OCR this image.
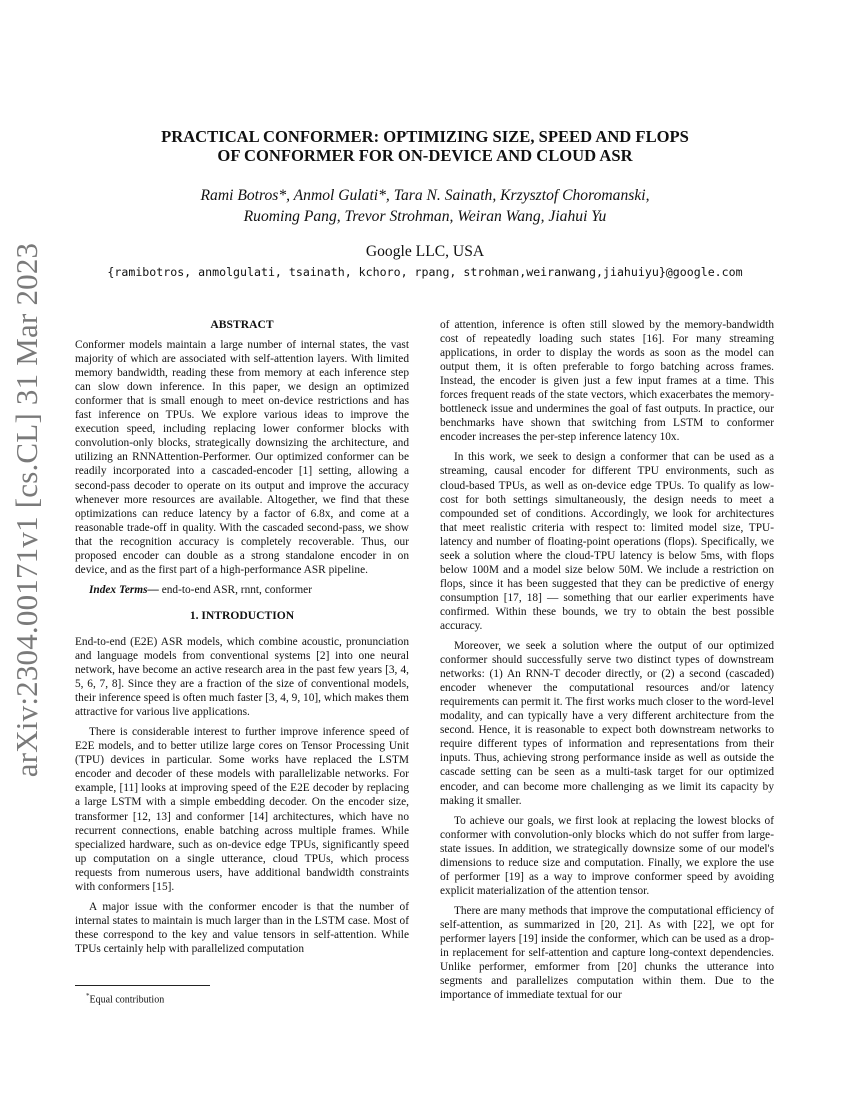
arXiv:2304.00171v1 [cs.CL] 31 Mar 2023
PRACTICAL CONFORMER: OPTIMIZING SIZE, SPEED AND FLOPS
OF CONFORMER FOR ON-DEVICE AND CLOUD ASR
Rami Botros*, Anmol Gulati*, Tara N. Sainath, Krzysztof Choromanski,
Ruoming Pang, Trevor Strohman, Weiran Wang, Jiahui Yu
Google LLC, USA
{ramibotros, anmolgulati, tsainath, kchoro, rpang, strohman,weiranwang,jiahuiyu}@google.com
ABSTRACT

Conformer models maintain a large number of internal states, the vast majority of which are associated with self-attention layers. With limited memory bandwidth, reading these from memory at each inference step can slow down inference. In this paper, we design an optimized conformer that is small enough to meet on-device restrictions and has fast inference on TPUs. We explore various ideas to improve the execution speed, including replacing lower conformer blocks with convolution-only blocks, strategically downsizing the architecture, and utilizing an RNNAttention-Performer. Our optimized conformer can be readily incorporated into a cascaded-encoder [1] setting, allowing a second-pass decoder to operate on its output and improve the accuracy whenever more resources are available. Altogether, we find that these optimizations can reduce latency by a factor of 6.8x, and come at a reasonable trade-off in quality. With the cascaded second-pass, we show that the recognition accuracy is completely recoverable. Thus, our proposed encoder can double as a strong standalone encoder in on device, and as the first part of a high-performance ASR pipeline.

Index Terms— end-to-end ASR, rnnt, conformer

1. INTRODUCTION

End-to-end (E2E) ASR models, which combine acoustic, pronunciation and language models from conventional systems [2] into one neural network, have become an active research area in the past few years [3, 4, 5, 6, 7, 8]. Since they are a fraction of the size of conventional models, their inference speed is often much faster [3, 4, 9, 10], which makes them attractive for various live applications.

There is considerable interest to further improve inference speed of E2E models, and to better utilize large cores on Tensor Processing Unit (TPU) devices in particular. Some works have replaced the LSTM encoder and decoder of these models with parallelizable networks. For example, [11] looks at improving speed of the E2E decoder by replacing a large LSTM with a simple embedding decoder. On the encoder size, transformer [12, 13] and conformer [14] architectures, which have no recurrent connections, enable batching across multiple frames. While specialized hardware, such as on-device edge TPUs, significantly speed up computation on a single utterance, cloud TPUs, which process requests from numerous users, have additional bandwidth constraints with conformers [15].

A major issue with the conformer encoder is that the number of internal states to maintain is much larger than in the LSTM case. Most of these correspond to the key and value tensors in self-attention. While TPUs certainly help with parallelized computation

of attention, inference is often still slowed by the memory-bandwidth cost of repeatedly loading such states [16]. For many streaming applications, in order to display the words as soon as the model can output them, it is often preferable to forgo batching across frames. Instead, the encoder is given just a few input frames at a time. This forces frequent reads of the state vectors, which exacerbates the memory-bottleneck issue and undermines the goal of fast outputs. In practice, our benchmarks have shown that switching from LSTM to conformer encoder increases the per-step inference latency 10x.

In this work, we seek to design a conformer that can be used as a streaming, causal encoder for different TPU environments, such as cloud-based TPUs, as well as on-device edge TPUs. To qualify as low-cost for both settings simultaneously, the design needs to meet a compounded set of conditions. Accordingly, we look for architectures that meet realistic criteria with respect to: limited model size, TPU-latency and number of floating-point operations (flops). Specifically, we seek a solution where the cloud-TPU latency is below 5ms, with flops below 100M and a model size below 50M. We include a restriction on flops, since it has been suggested that they can be predictive of energy consumption [17, 18] — something that our earlier experiments have confirmed. Within these bounds, we try to obtain the best possible accuracy.

Moreover, we seek a solution where the output of our optimized conformer should successfully serve two distinct types of downstream networks: (1) An RNN-T decoder directly, or (2) a second (cascaded) encoder whenever the computational resources and/or latency requirements can permit it. The first works much closer to the word-level modality, and can typically have a very different architecture from the second. Hence, it is reasonable to expect both downstream networks to require different types of information and representations from their inputs. Thus, achieving strong performance inside as well as outside the cascade setting can be seen as a multi-task target for our optimized encoder, and can become more challenging as we limit its capacity by making it smaller.

To achieve our goals, we first look at replacing the lowest blocks of conformer with convolution-only blocks which do not suffer from large-state issues. In addition, we strategically downsize some of our model's dimensions to reduce size and computation. Finally, we explore the use of performer [19] as a way to improve conformer speed by avoiding explicit materialization of the attention tensor.

There are many methods that improve the computational efficiency of self-attention, as summarized in [20, 21]. As with [22], we opt for performer layers [19] inside the conformer, which can be used as a drop-in replacement for self-attention and capture long-context dependencies. Unlike performer, emformer from [20] chunks the utterance into segments and parallelizes computation within them. Due to the importance of immediate textual for our

*Equal contribution
